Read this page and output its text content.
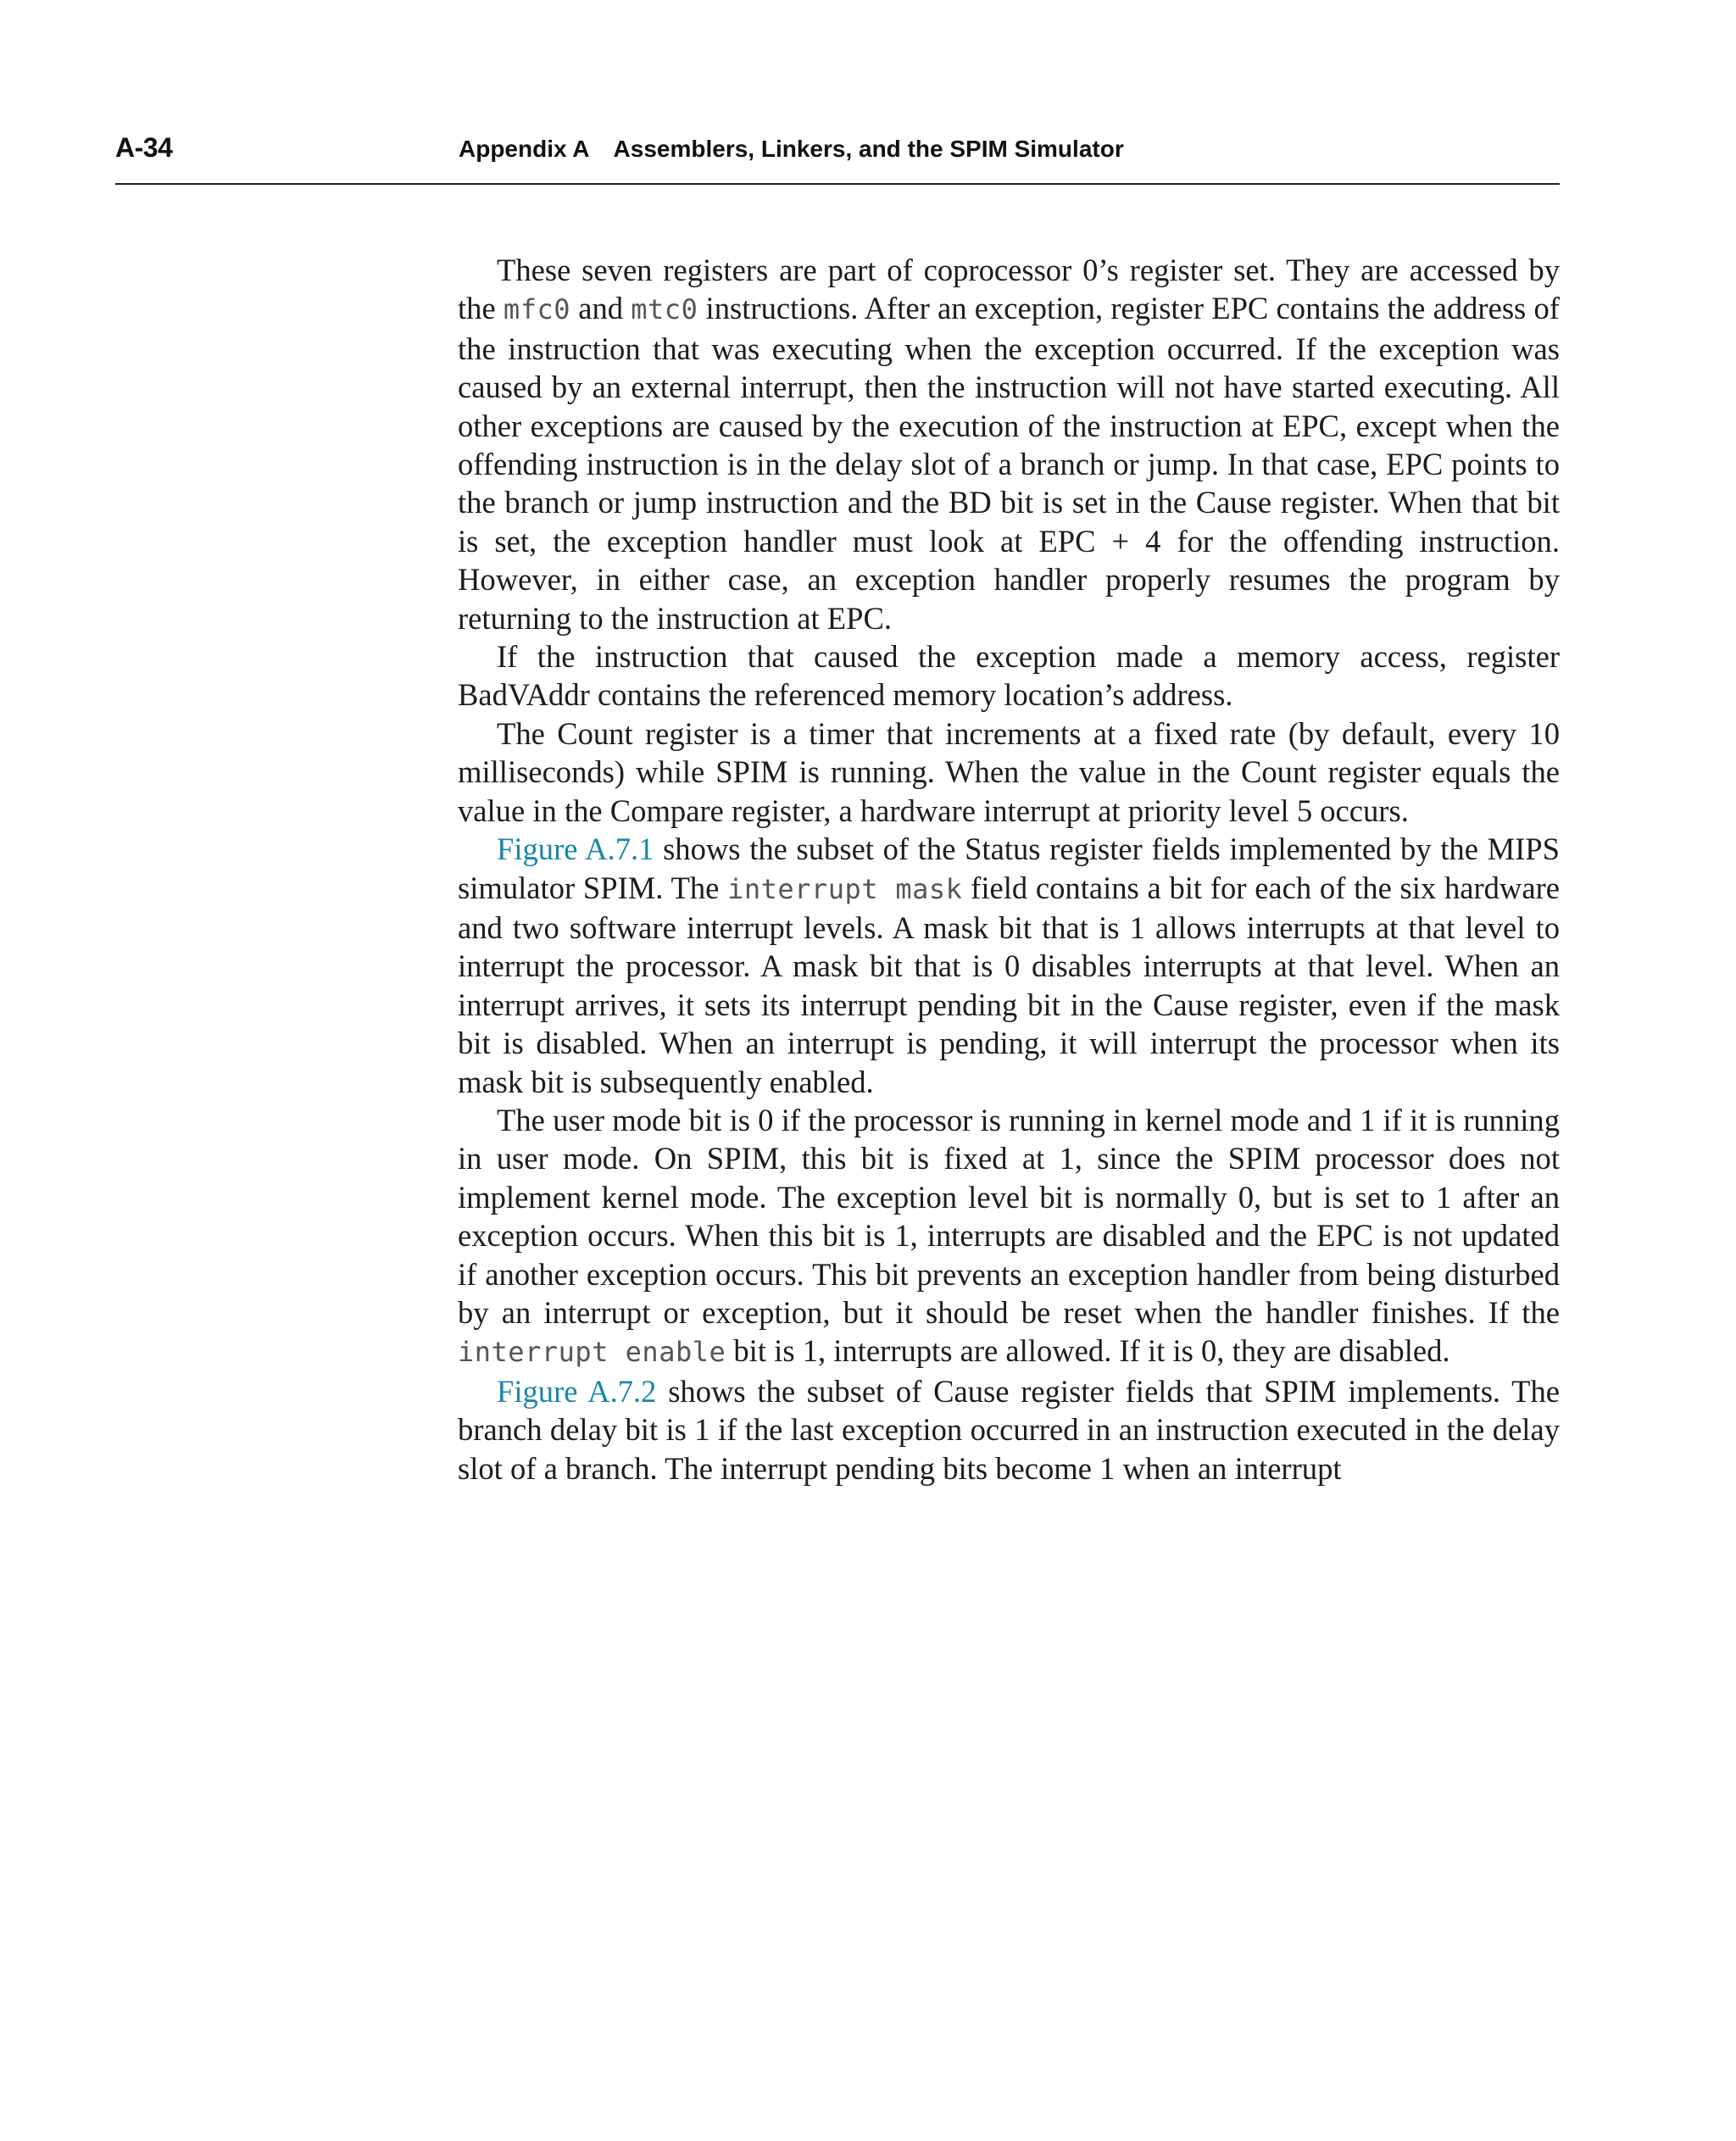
A-34	Appendix A Assemblers, Linkers, and the SPIM Simulator

These seven registers are part of coprocessor 0’s register set. They are accessed by the mfc0 and mtc0 instructions. After an exception, register EPC contains the address of the instruction that was executing when the exception occurred. If the exception was caused by an external interrupt, then the instruction will not have started executing. All other exceptions are caused by the execution of the instruction at EPC, except when the offending instruction is in the delay slot of a branch or jump. In that case, EPC points to the branch or jump instruction and the BD bit is set in the Cause register. When that bit is set, the exception handler must look at EPC + 4 for the offending instruction. However, in either case, an exception handler properly resumes the program by returning to the instruction at EPC.

If the instruction that caused the exception made a memory access, register BadVAddr contains the referenced memory location’s address.

The Count register is a timer that increments at a fixed rate (by default, every 10 milliseconds) while SPIM is running. When the value in the Count register equals the value in the Compare register, a hardware interrupt at priority level 5 occurs.

Figure A.7.1 shows the subset of the Status register fields implemented by the MIPS simulator SPIM. The interrupt mask field contains a bit for each of the six hardware and two software interrupt levels. A mask bit that is 1 allows interrupts at that level to interrupt the processor. A mask bit that is 0 disables interrupts at that level. When an interrupt arrives, it sets its interrupt pending bit in the Cause register, even if the mask bit is disabled. When an interrupt is pending, it will interrupt the processor when its mask bit is subsequently enabled.

The user mode bit is 0 if the processor is running in kernel mode and 1 if it is running in user mode. On SPIM, this bit is fixed at 1, since the SPIM processor does not implement kernel mode. The exception level bit is normally 0, but is set to 1 after an exception occurs. When this bit is 1, interrupts are disabled and the EPC is not updated if another exception occurs. This bit prevents an exception handler from being disturbed by an interrupt or exception, but it should be reset when the handler finishes. If the interrupt enable bit is 1, interrupts are allowed. If it is 0, they are disabled.

Figure A.7.2 shows the subset of Cause register fields that SPIM implements. The branch delay bit is 1 if the last exception occurred in an instruction executed in the delay slot of a branch. The interrupt pending bits become 1 when an interrupt
